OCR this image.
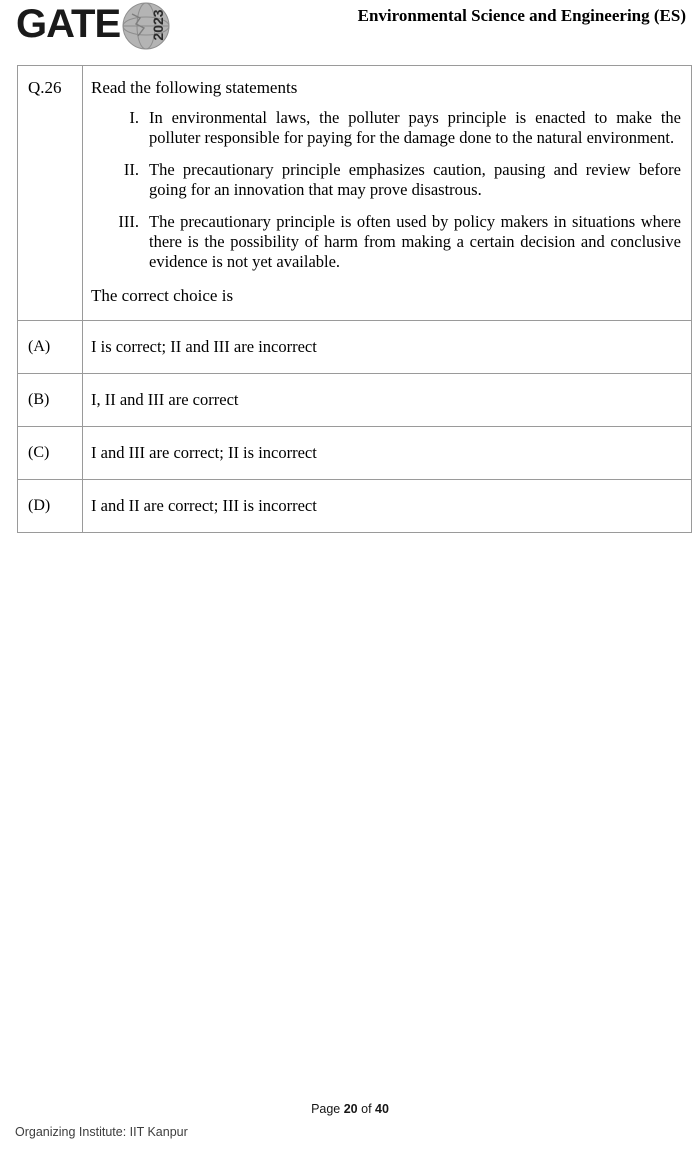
GATE	2023	Environmental Science and Engineering (ES)
Q.26	Read the following statements

I. In environmental laws, the polluter pays principle is enacted to make the polluter responsible for paying for the damage done to the natural environment.
II. The precautionary principle emphasizes caution, pausing and review before going for an innovation that may prove disastrous.
III. The precautionary principle is often used by policy makers in situations where there is the possibility of harm from making a certain decision and conclusive evidence is not yet available.

The correct choice is

(A)	I is correct; II and III are incorrect

(B)	I, II and III are correct

(C)	I and III are correct; II is incorrect

(D)	I and II are correct; III is incorrect
Page 20 of 40
Organizing Institute: IIT Kanpur
